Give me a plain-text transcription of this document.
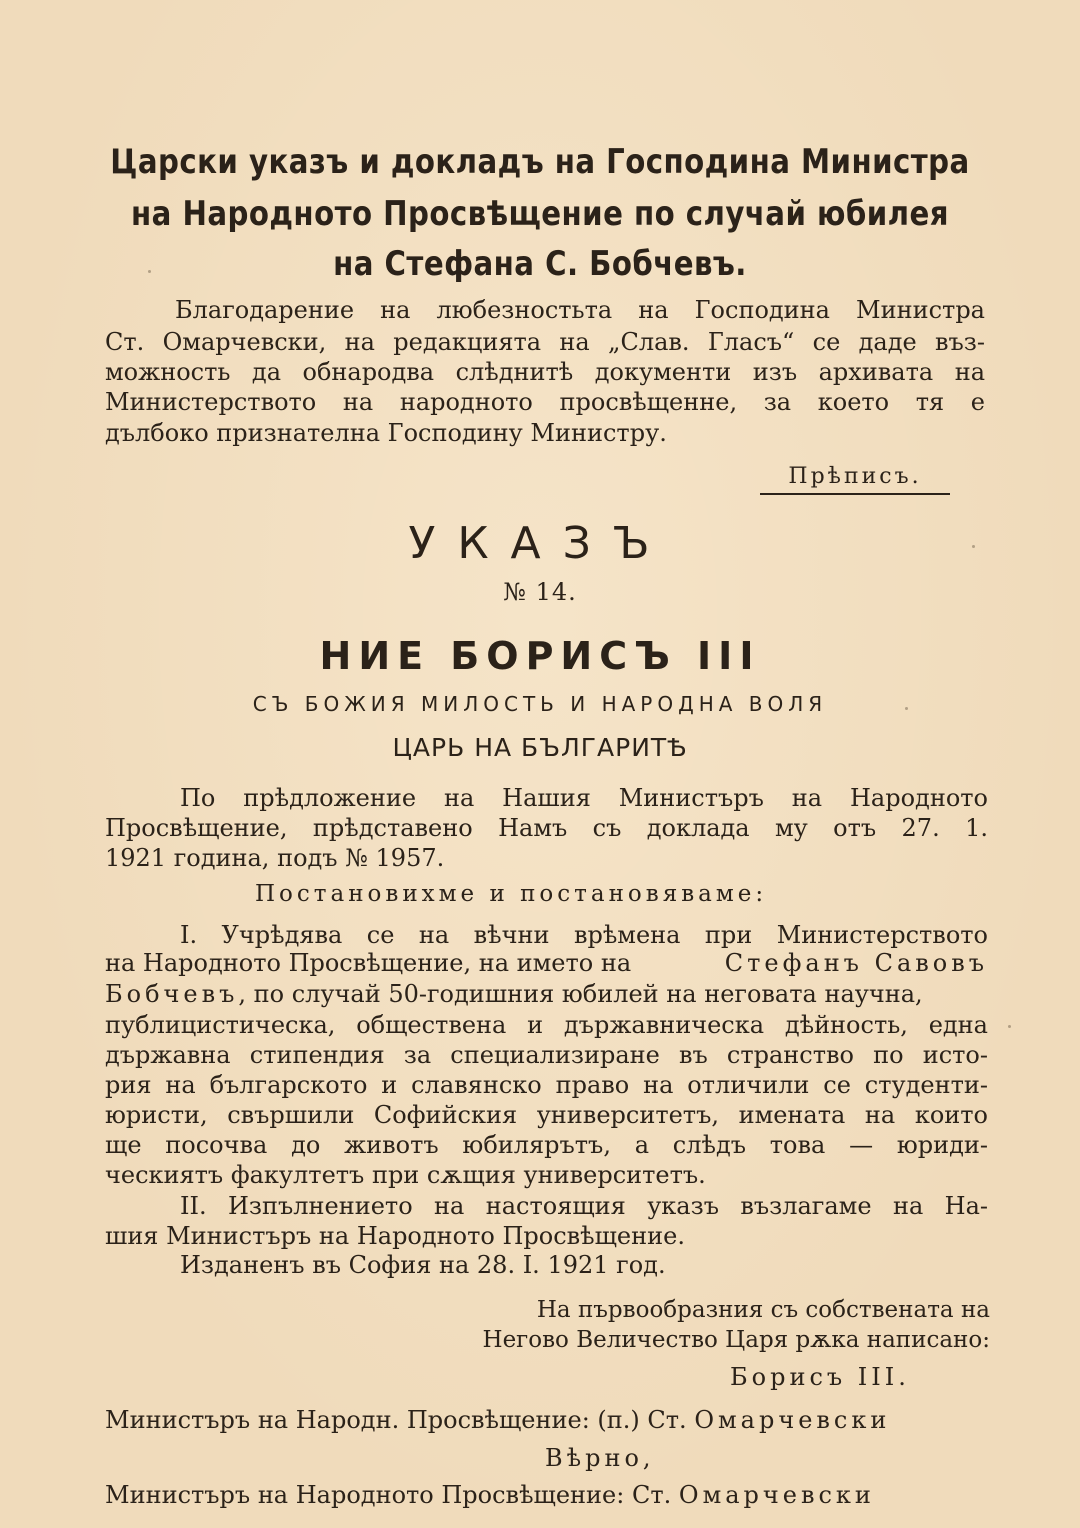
Царски указъ и докладъ на Господина Министра
на Народното Просвѣщение по случай юбилея
на Стефана С. Бобчевъ.

Благодарение на любезностьта на Господина Министра

Ст. Омарчевски, на редакцията на „Слав. Гласъ“ се даде въз-

можность да обнародва слѣднитѣ документи изъ архивата на

Министерството на народното просвѣщенне, за което тя е

дълбоко признателна Господину Министру.

Прѣписъ.
УКАЗЪ
№ 14.
НИЕ БОРИСЪ III
СЪ БОЖИЯ МИЛОСТЬ И НАРОДНА ВОЛЯ
ЦАРЬ НА БЪЛГАРИТѢ

По прѣдложение на Нашия Министъръ на Народното

Просвѣщение, прѣдставено Намъ съ доклада му отъ 27. 1.

1921 година, подъ № 1957.

Постановихме и постановяваме:

I. Учрѣдява се на вѣчни врѣмена при Министерството

на Народното Просвѣщение, на името на	Стефанъ Савовъ

Бобчевъ, по случай 50-годишния юбилей на неговата научна,

публицистическа, обществена и държавническа дѣйность, една

държавна стипендия за специализиране въ странство по исто-

рия на българското и славянско право на отличили се студенти-

юристи, свършили Софийския университетъ, имената на които

ще посочва до животъ юбилярътъ, а слѣдъ това — юриди-

ческиятъ факултетъ при сѫщия университетъ.

II. Изпълнението на настоящия указъ възлагаме на На-

шия Министъръ на Народното Просвѣщение.

Изданенъ въ София на 28. I. 1921 год.

На първообразния съ собствената на

Негово Величество Царя рѫка написано:

Борисъ III.

Министъръ на Народн. Просвѣщение: (п.) Ст. Омарчевски

Вѣрно,

Министъръ на Народното Просвѣщение: Ст. Омарчевски
